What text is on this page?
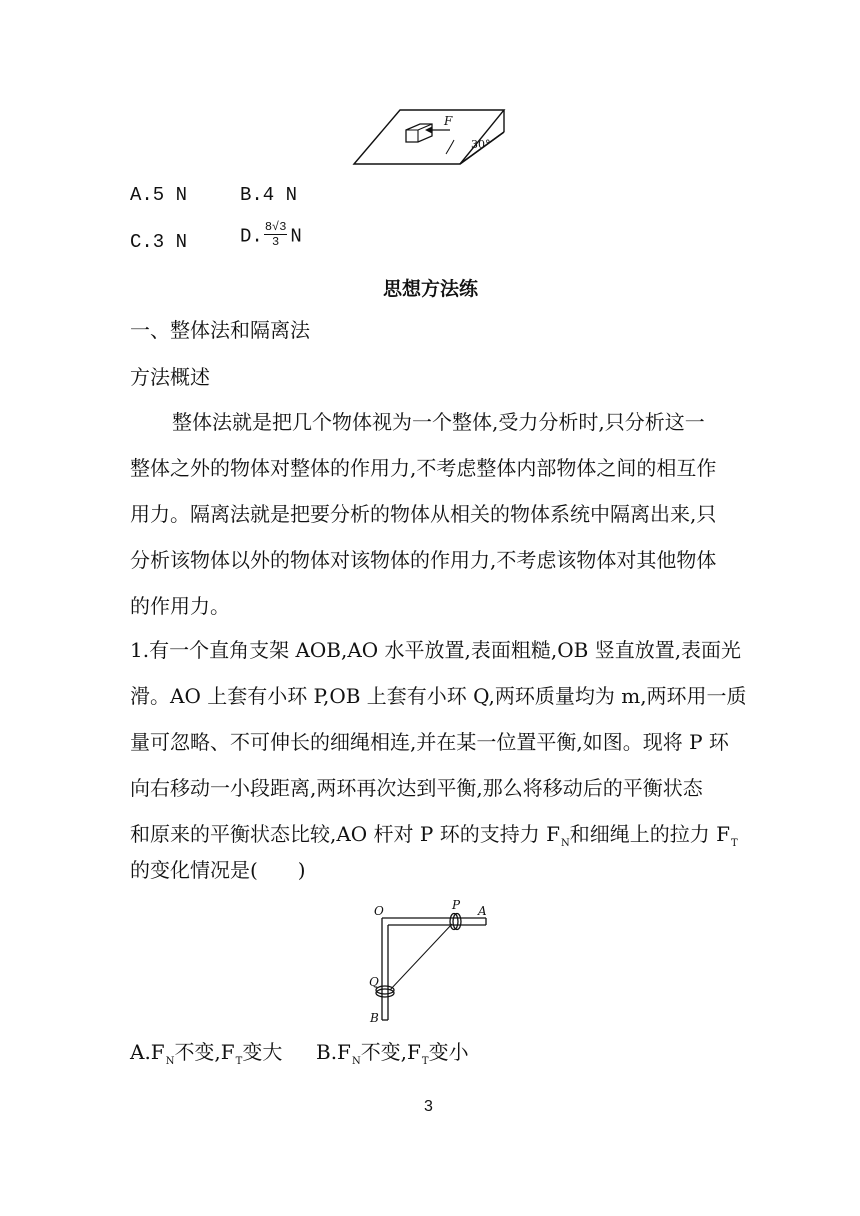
F
30°
A.5 N	B.4 N
C.3 N	D. $\frac{8√3}{3}$ N
思想方法练
一、整体法和隔离法
方法概述
整体法就是把几个物体视为一个整体,受力分析时,只分析这一
整体之外的物体对整体的作用力,不考虑整体内部物体之间的相互作
用力。隔离法就是把要分析的物体从相关的物体系统中隔离出来,只
分析该物体以外的物体对该物体的作用力,不考虑该物体对其他物体
的作用力。
1.有一个直角支架 AOB,AO 水平放置,表面粗糙,OB 竖直放置,表面光
滑。AO 上套有小环 P,OB 上套有小环 Q,两环质量均为 m,两环用一质
量可忽略、不可伸长的细绳相连,并在某一位置平衡,如图。现将 P 环
向右移动一小段距离,两环再次达到平衡,那么将移动后的平衡状态
和原来的平衡状态比较,AO 杆对 P 环的支持力 $F_N$和细绳上的拉力 $F_T$
的变化情况是(　　)
O	P A
Q
B
$A.F_N$不变$,F_T$变大 $B.F_N$不变$,F_T$变小
3
